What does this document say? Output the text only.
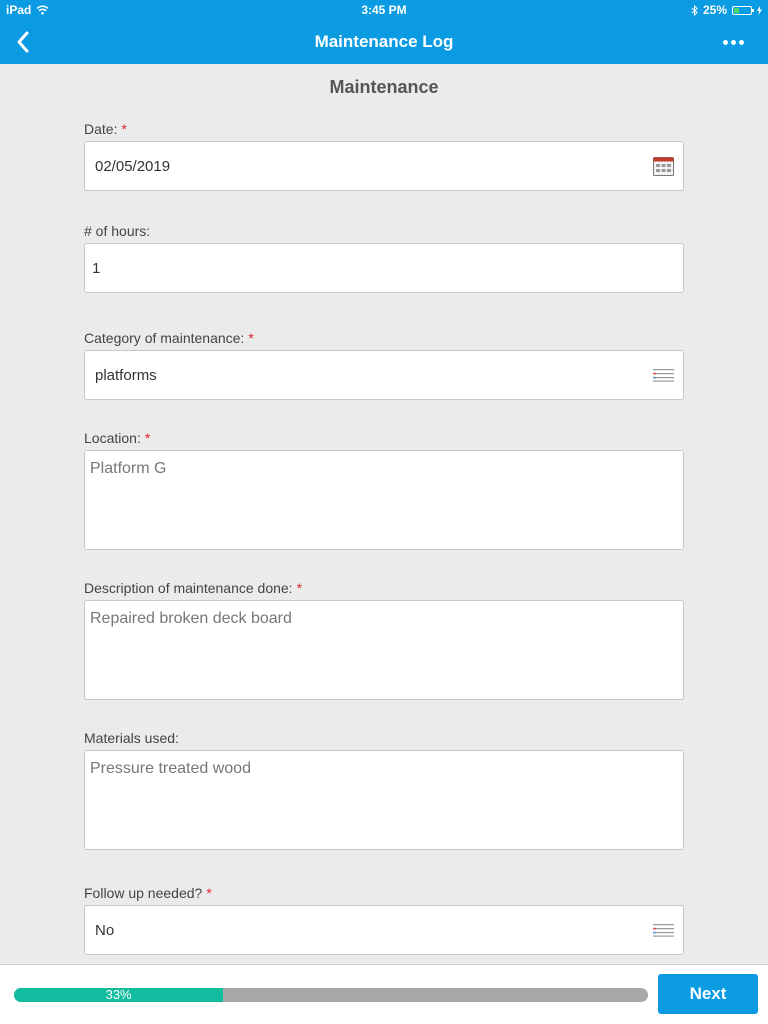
iPad	3:45 PM	25%
Maintenance Log
Maintenance
Date: *
02/05/2019
# of hours:
1
Category of maintenance: *
platforms
Location: *
Platform G
Description of maintenance done: *
Repaired broken deck board
Materials used:
Pressure treated wood
Follow up needed? *
No
33%	Next
